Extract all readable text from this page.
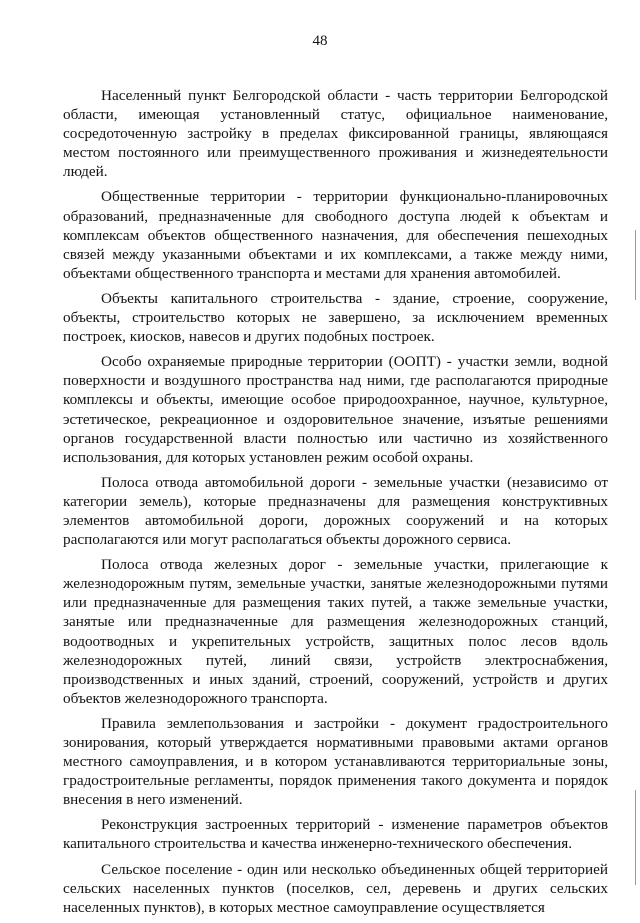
48

Населенный пункт Белгородской области - часть территории Белгородской области, имеющая установленный статус, официальное наименование, сосредоточенную застройку в пределах фиксированной границы, являющаяся местом постоянного или преимущественного проживания и жизнедеятельности людей.

Общественные территории - территории функционально-планировочных образований, предназначенные для свободного доступа людей к объектам и комплексам объектов общественного назначения, для обеспечения пешеходных связей между указанными объектами и их комплексами, а также между ними, объектами общественного транспорта и местами для хранения автомобилей.

Объекты капитального строительства - здание, строение, сооружение, объекты, строительство которых не завершено, за исключением временных построек, киосков, навесов и других подобных построек.

Особо охраняемые природные территории (ООПТ) - участки земли, водной поверхности и воздушного пространства над ними, где располагаются природные комплексы и объекты, имеющие особое природоохранное, научное, культурное, эстетическое, рекреационное и оздоровительное значение, изъятые решениями органов государственной власти полностью или частично из хозяйственного использования, для которых установлен режим особой охраны.

Полоса отвода автомобильной дороги - земельные участки (независимо от категории земель), которые предназначены для размещения конструктивных элементов автомобильной дороги, дорожных сооружений и на которых располагаются или могут располагаться объекты дорожного сервиса.

Полоса отвода железных дорог - земельные участки, прилегающие к железнодорожным путям, земельные участки, занятые железнодорожными путями или предназначенные для размещения таких путей, а также земельные участки, занятые или предназначенные для размещения железнодорожных станций, водоотводных и укрепительных устройств, защитных полос лесов вдоль железнодорожных путей, линий связи, устройств электроснабжения, производственных и иных зданий, строений, сооружений, устройств и других объектов железнодорожного транспорта.

Правила землепользования и застройки - документ градостроительного зонирования, который утверждается нормативными правовыми актами органов местного самоуправления, и в котором устанавливаются территориальные зоны, градостроительные регламенты, порядок применения такого документа и порядок внесения в него изменений.

Реконструкция застроенных территорий - изменение параметров объектов капитального строительства и качества инженерно-технического обеспечения.

Сельское поселение - один или несколько объединенных общей территорией сельских населенных пунктов (поселков, сел, деревень и других сельских населенных пунктов), в которых местное самоуправление осуществляется
